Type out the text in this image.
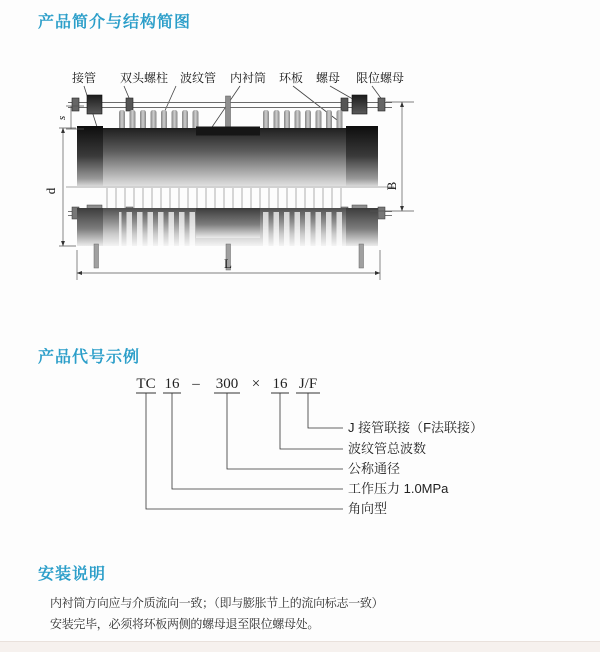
产品简介与结构简图
接管 双头螺柱 波纹管 内衬筒 环板 螺母 限位螺母
s
d
B
L
产品代号示例
TC 16 – 300 × 16 J/F
J 接管联接（F法联接）
波纹管总波数
公称通径
工作压力 1.0MPa
角向型
安装说明

内衬筒方向应与介质流向一致；（即与膨胀节上的流向标志一致）

安装完毕，必须将环板两侧的螺母退至限位螺母处。
